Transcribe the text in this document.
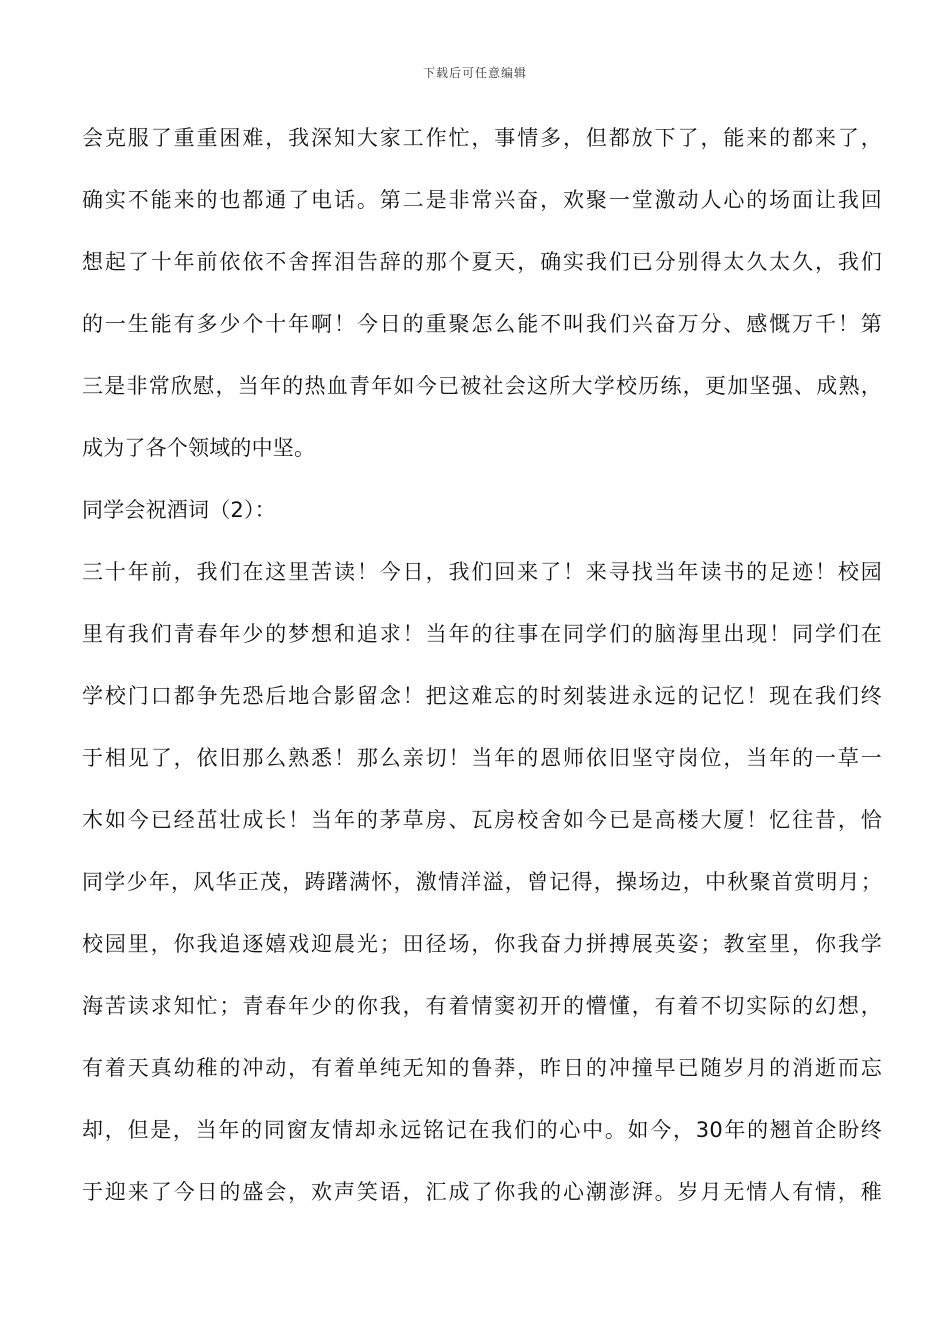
下载后可任意编辑
会克服了重重困难，我深知大家工作忙，事情多，但都放下了，能来的都来了，
确实不能来的也都通了电话。第二是非常兴奋，欢聚一堂激动人心的场面让我回
想起了十年前依依不舍挥泪告辞的那个夏天，确实我们已分别得太久太久，我们
的一生能有多少个十年啊！今日的重聚怎么能不叫我们兴奋万分、感慨万千！第
三是非常欣慰，当年的热血青年如今已被社会这所大学校历练，更加坚强、成熟，
成为了各个领域的中坚。
同学会祝酒词（2）：
三十年前，我们在这里苦读！今日，我们回来了！来寻找当年读书的足迹！校园
里有我们青春年少的梦想和追求！当年的往事在同学们的脑海里出现！同学们在
学校门口都争先恐后地合影留念！把这难忘的时刻装进永远的记忆！现在我们终
于相见了，依旧那么熟悉！那么亲切！当年的恩师依旧坚守岗位，当年的一草一
木如今已经茁壮成长！当年的茅草房、瓦房校舍如今已是高楼大厦！忆往昔，恰
同学少年，风华正茂，踌躇满怀，激情洋溢，曾记得，操场边，中秋聚首赏明月；
校园里，你我追逐嬉戏迎晨光；田径场，你我奋力拼搏展英姿；教室里，你我学
海苦读求知忙；青春年少的你我，有着情窦初开的懵懂，有着不切实际的幻想，
有着天真幼稚的冲动，有着单纯无知的鲁莽，昨日的冲撞早已随岁月的消逝而忘
却，但是，当年的同窗友情却永远铭记在我们的心中。如今，30年的翘首企盼终
于迎来了今日的盛会，欢声笑语，汇成了你我的心潮澎湃。岁月无情人有情，稚
